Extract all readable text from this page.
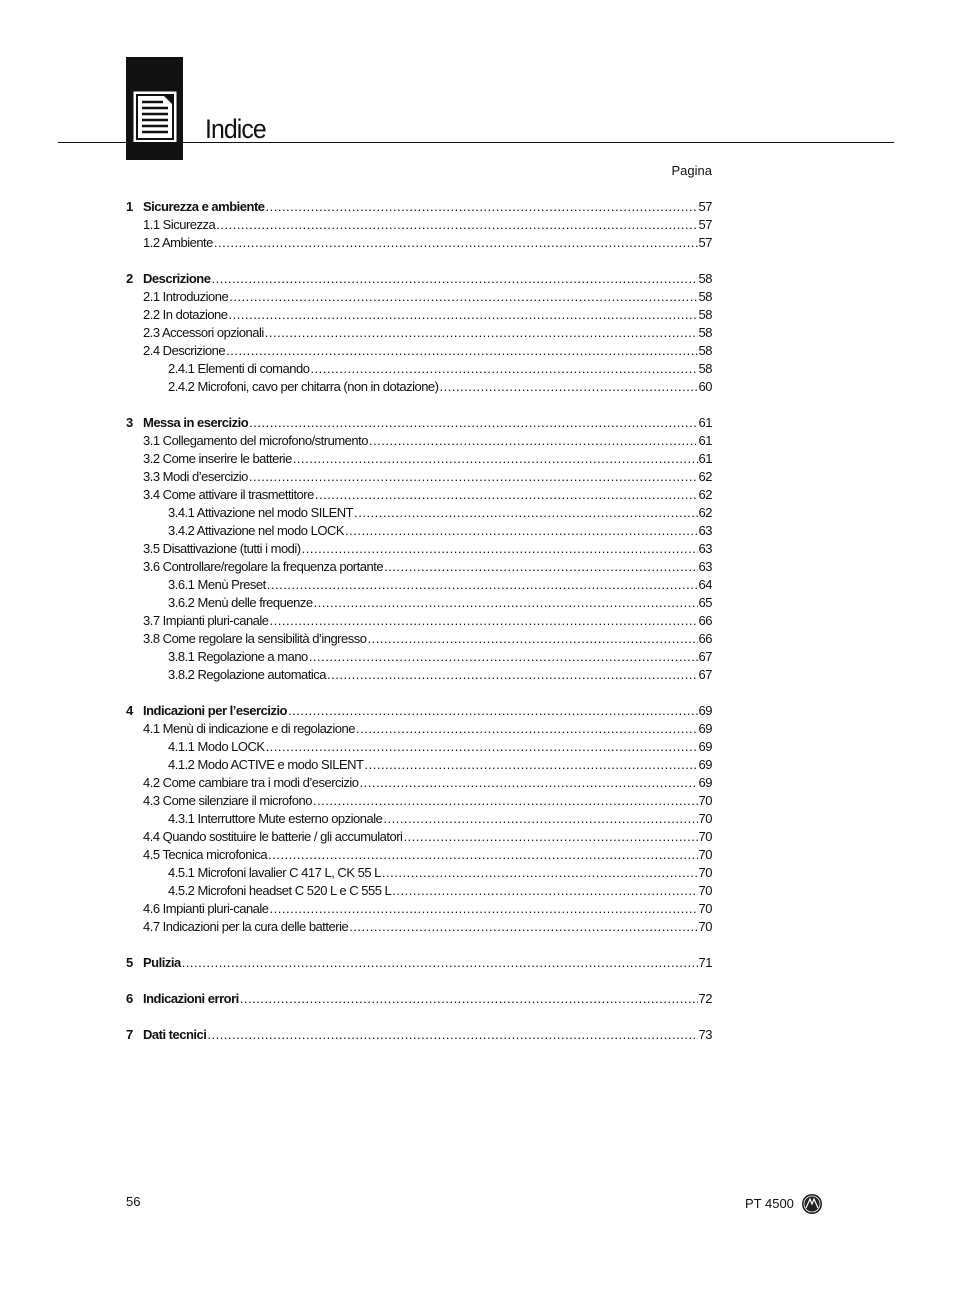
Indice
Pagina
1 Sicurezza e ambiente .....	57
1.1 Sicurezza .....	57
1.2 Ambiente .....	57
2 Descrizione .....	58
2.1 Introduzione .....	58
2.2 In dotazione .....	58
2.3 Accessori opzionali .....	58
2.4 Descrizione .....	58
2.4.1 Elementi di comando .....	58
2.4.2 Microfoni, cavo per chitarra (non in dotazione) .....	60
3 Messa in esercizio .....	61
3.1 Collegamento del microfono/strumento .....	61
3.2 Come inserire le batterie .....	61
3.3 Modi d’esercizio .....	62
3.4 Come attivare il trasmettitore .....	62
3.4.1 Attivazione nel modo SILENT .....	62
3.4.2 Attivazione nel modo LOCK .....	63
3.5 Disattivazione (tutti i modi) .....	63
3.6 Controllare/regolare la frequenza portante .....	63
3.6.1 Menù Preset .....	64
3.6.2 Menù delle frequenze .....	65
3.7 Impianti pluri-canale .....	66
3.8 Come regolare la sensibilità d’ingresso .....	66
3.8.1 Regolazione a mano .....	67
3.8.2 Regolazione automatica .....	67
4 Indicazioni per l’esercizio .....	69
4.1 Menù di indicazione e di regolazione .....	69
4.1.1 Modo LOCK .....	69
4.1.2 Modo ACTIVE e modo SILENT .....	69
4.2 Come cambiare tra i modi d’esercizio .....	69
4.3 Come silenziare il microfono .....	70
4.3.1 Interruttore Mute esterno opzionale .....	70
4.4 Quando sostituire le batterie / gli accumulatori .....	70
4.5 Tecnica microfonica .....	70
4.5.1 Microfoni lavalier C 417 L, CK 55 L .....	70
4.5.2 Microfoni headset C 520 L e C 555 L .....	70
4.6 Impianti pluri-canale .....	70
4.7 Indicazioni per la cura delle batterie .....	70
5 Pulizia .....	71
6 Indicazioni errori .....	72
7 Dati tecnici .....	73
56	PT 4500
